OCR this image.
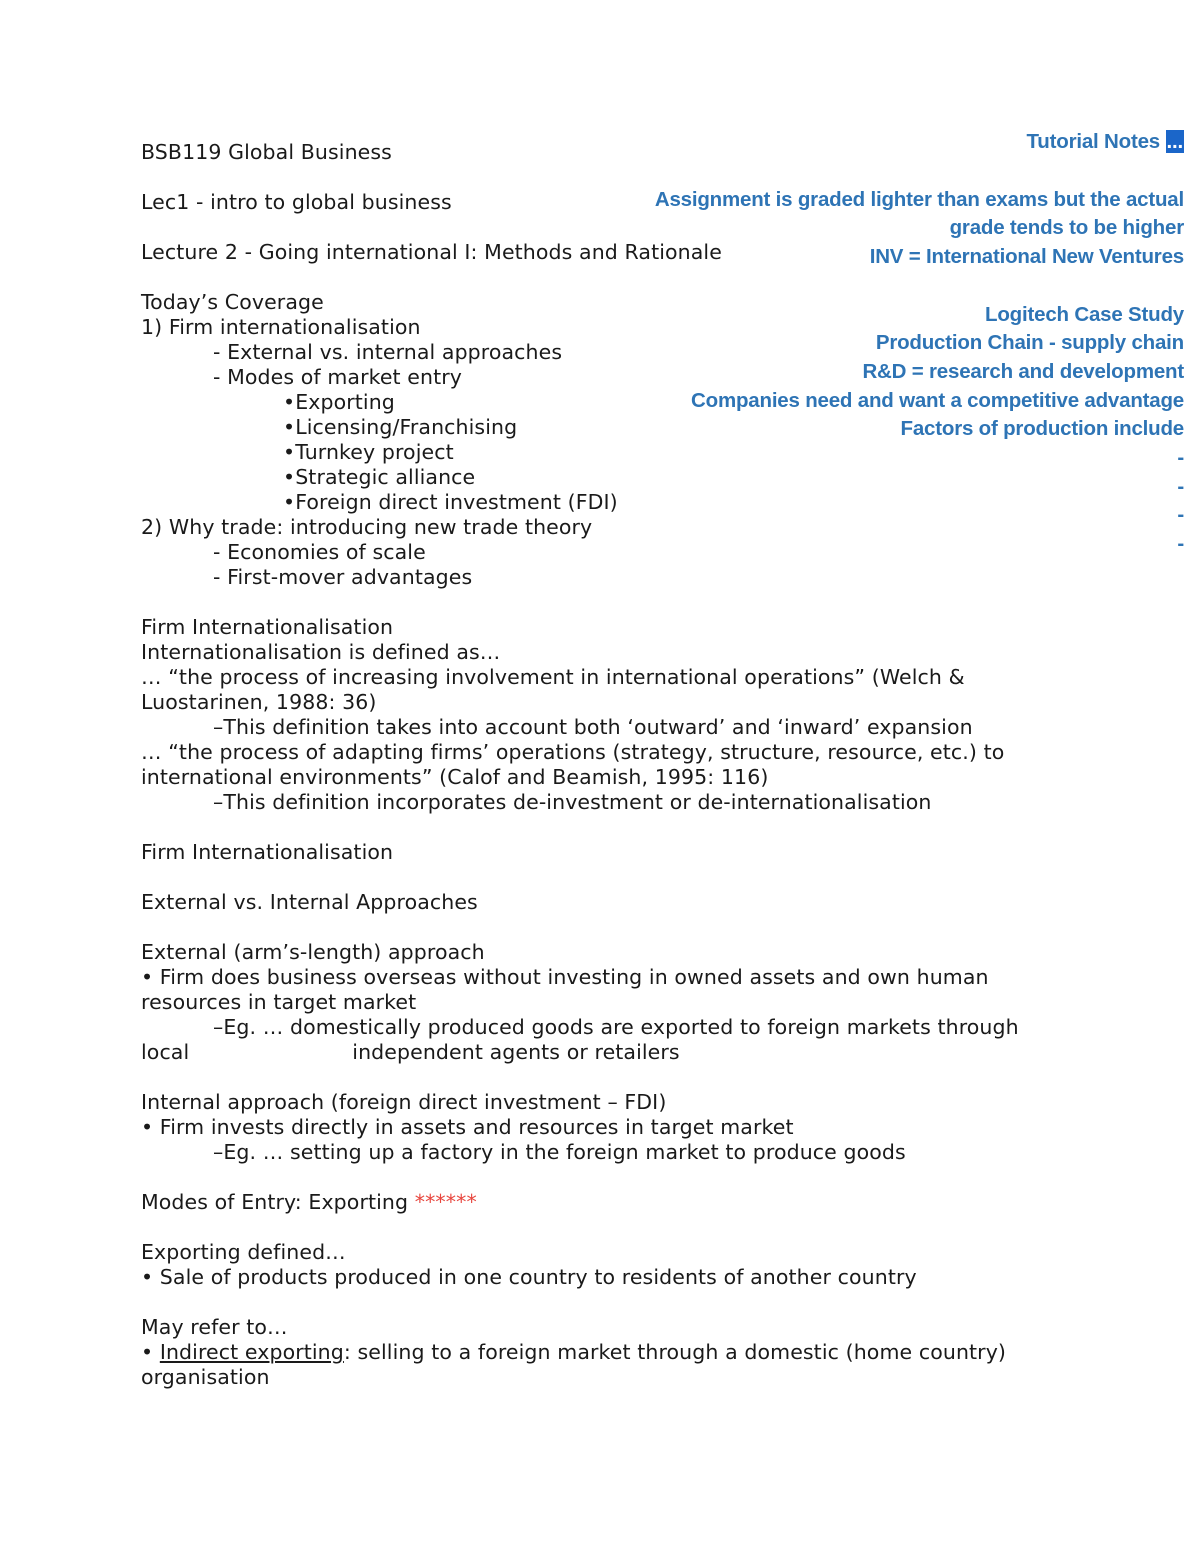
Tutorial Notes ...
Assignment is graded lighter than exams but the actual
grade tends to be higher
INV = International New Ventures
Logitech Case Study
Production Chain - supply chain
R&D = research and development
Companies need and want a competitive advantage
Factors of production include
-
-
-
-
BSB119 Global Business
Lec1 - intro to global business
Lecture 2 - Going international I: Methods and Rationale
Today’s Coverage
1) Firm internationalisation
- External vs. internal approaches
- Modes of market entry
•Exporting
•Licensing/Franchising
•Turnkey project
•Strategic alliance
•Foreign direct investment (FDI)
2) Why trade: introducing new trade theory
- Economies of scale
- First-mover advantages
Firm Internationalisation
Internationalisation is defined as…
… “the process of increasing involvement in international operations” (Welch & Luostarinen, 1988: 36)
–This definition takes into account both ‘outward’ and ‘inward’ expansion
… “the process of adapting firms’ operations (strategy, structure, resource, etc.) to international environments” (Calof and Beamish, 1995: 116)
–This definition incorporates de-investment or de-internationalisation
Firm Internationalisation
External vs. Internal Approaches
External (arm’s-length) approach
• Firm does business overseas without investing in owned assets and own human resources in target market
–Eg. … domestically produced goods are exported to foreign markets through
local	independent agents or retailers
Internal approach (foreign direct investment – FDI)
• Firm invests directly in assets and resources in target market
–Eg. … setting up a factory in the foreign market to produce goods
Modes of Entry: Exporting ******
Exporting defined…
• Sale of products produced in one country to residents of another country
May refer to…
• Indirect exporting: selling to a foreign market through a domestic (home country) organisation
